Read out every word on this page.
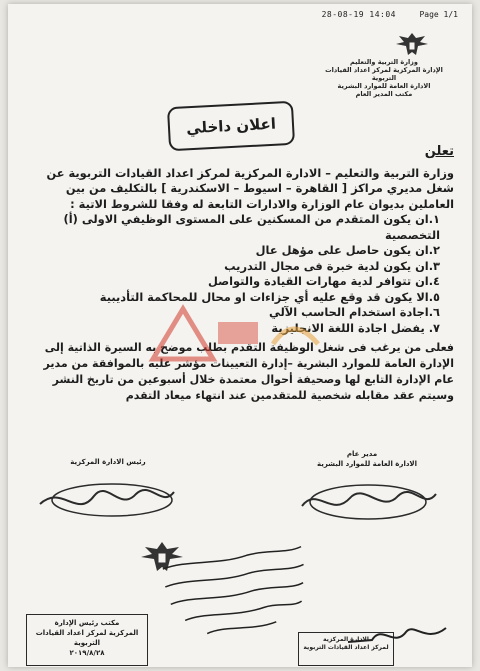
28-08-19 14:04	Page 1/1
وزارة التربية والتعليم
الإدارة المركزية لمركز اعداد القيادات التربوية
الادارة العامة للموارد البشرية
مكتب المدير العام
اعلان داخلي

تعلن

وزارة التربية والتعليم – الادارة المركزية لمركز اعداد القيادات التربوية عن شغل مديري مراكز [ القاهرة – اسيوط – الاسكندرية ] بالتكليف من بين العاملين بديوان عام الوزارة والادارات التابعة له وفقا للشروط الاتية :

١.ان يكون المتقدم من المسكنين على المستوى الوظيفي الاولى (أ) التخصصية

٢.ان يكون حاصل على مؤهل عال

٣.ان يكون لدية خبرة فى مجال التدريب

٤.ان تتوافر لدية مهارات القيادة والتواصل

٥.الا يكون قد وقع عليه أي جزاءات او محال للمحاكمة التأديبية

٦.اجادة استخدام الحاسب الآلي

٧. يفضل اجادة اللغة الانجليزية

فعلى من يرغب فى شغل الوظيفة التقدم بطلب موضح به السيرة الذاتية إلى الإدارة العامة للموارد البشرية –إدارة التعيينات مؤشر عليه بالموافقة من مدير عام الإدارة التابع لها وصحيفة أحوال معتمدة خلال أسبوعين من تاريخ النشر وسيتم عقد مقابله شخصية للمتقدمين عند انتهاء ميعاد التقدم

رئيس الادارة المركزية
مدير عام
الادارة العامة للموارد البشرية
مكتب رئيس الإدارة
المركزية لمركز اعداد القيادات التربوية
٢٠١٩/٨/٢٨
الادارة المركزية
لمركز اعداد القيادات التربوية
